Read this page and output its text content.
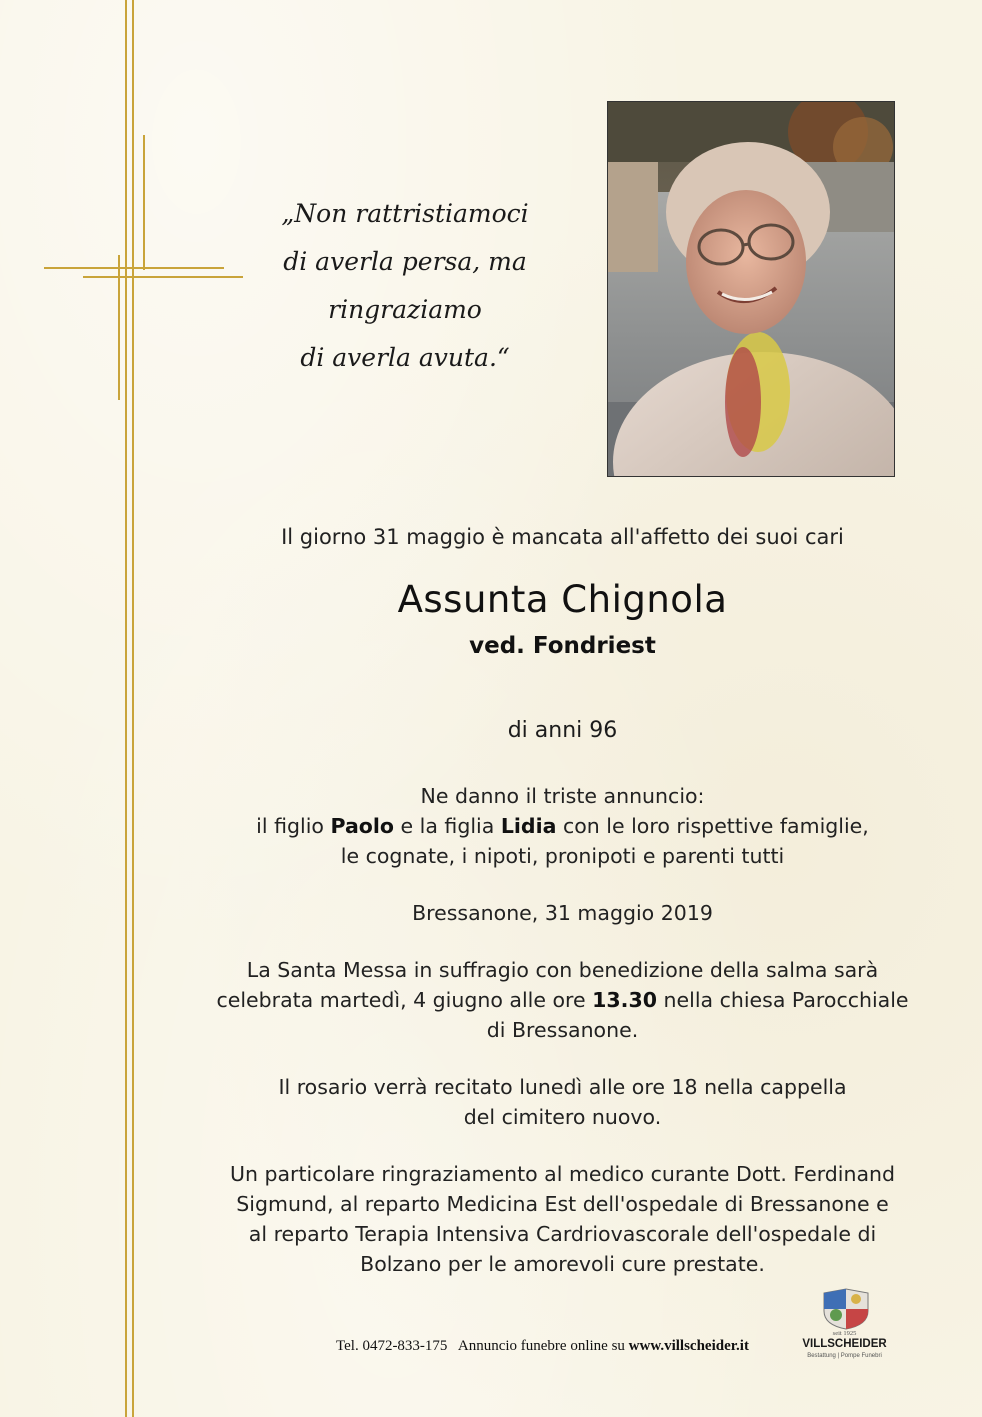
„Non rattristiamoci
di averla persa, ma
ringraziamo
di averla avuta.“

Il giorno 31 maggio è mancata all'affetto dei suoi cari

Assunta Chignola

ved. Fondriest

di anni 96

Ne danno il triste annuncio:
il figlio Paolo e la figlia Lidia con le loro rispettive famiglie,
le cognate, i nipoti, pronipoti e parenti tutti

Bressanone, 31 maggio 2019

La Santa Messa in suffragio con benedizione della salma sarà
celebrata martedì, 4 giugno alle ore 13.30 nella chiesa Parocchiale
di Bressanone.

Il rosario verrà recitato lunedì alle ore 18 nella cappella
del cimitero nuovo.

Un particolare ringraziamento al medico curante Dott. Ferdinand
Sigmund, al reparto Medicina Est dell'ospedale di Bressanone e
al reparto Terapia Intensiva Cardriovascorale dell'ospedale di
Bolzano per le amorevoli cure prestate.

Tel. 0472-833-175 Annuncio funebre online su www.villscheider.it
seit 1925
VILLSCHEIDER
Bestattung | Pompe Funebri
